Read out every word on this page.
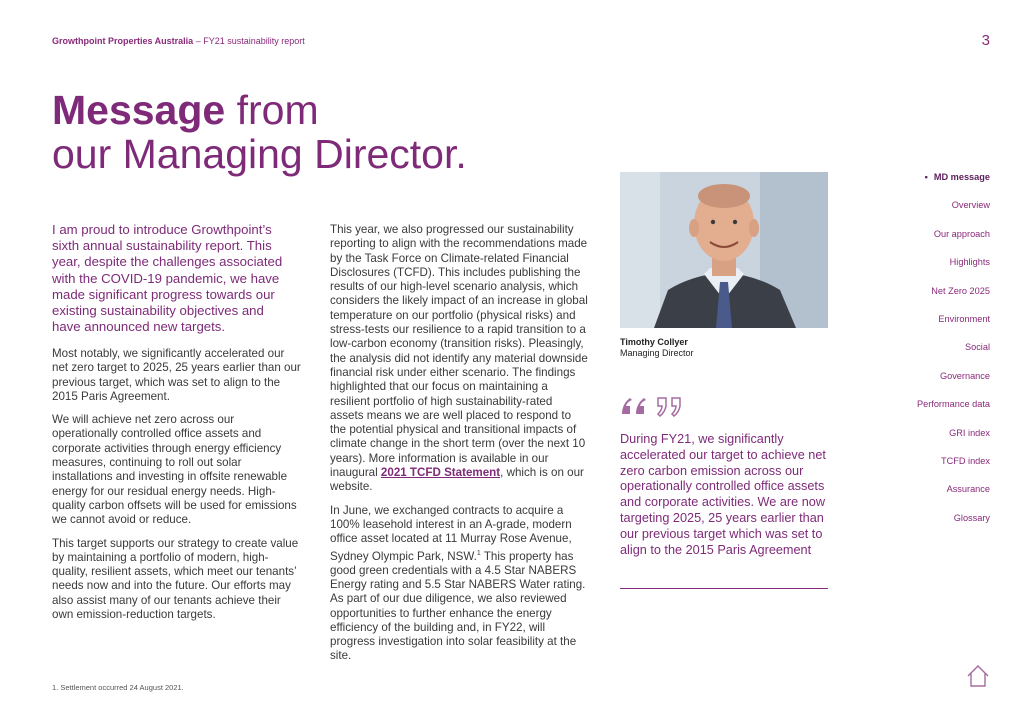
Growthpoint Properties Australia – FY21 sustainability report	3
Message from
our Managing Director.

I am proud to introduce Growthpoint’s sixth annual sustainability report. This year, despite the challenges associated with the COVID-19 pandemic, we have made significant progress towards our existing sustainability objectives and have announced new targets.

Most notably, we significantly accelerated our net zero target to 2025, 25 years earlier than our previous target, which was set to align to the 2015 Paris Agreement.

We will achieve net zero across our operationally controlled office assets and corporate activities through energy efficiency measures, continuing to roll out solar installations and investing in offsite renewable energy for our residual energy needs. High-quality carbon offsets will be used for emissions we cannot avoid or reduce.

This target supports our strategy to create value by maintaining a portfolio of modern, high-quality, resilient assets, which meet our tenants’ needs now and into the future. Our efforts may also assist many of our tenants achieve their own emission-reduction targets.

This year, we also progressed our sustainability reporting to align with the recommendations made by the Task Force on Climate-related Financial Disclosures (TCFD). This includes publishing the results of our high-level scenario analysis, which considers the likely impact of an increase in global temperature on our portfolio (physical risks) and stress-tests our resilience to a rapid transition to a low-carbon economy (transition risks). Pleasingly, the analysis did not identify any material downside financial risk under either scenario. The findings highlighted that our focus on maintaining a resilient portfolio of high sustainability-rated assets means we are well placed to respond to the potential physical and transitional impacts of climate change in the short term (over the next 10 years). More information is available in our inaugural 2021 TCFD Statement, which is on our website.

In June, we exchanged contracts to acquire a 100% leasehold interest in an A-grade, modern office asset located at 11 Murray Rose Avenue, Sydney Olympic Park, NSW.$^1$ This property has good green credentials with a 4.5 Star NABERS Energy rating and 5.5 Star NABERS Water rating. As part of our due diligence, we also reviewed opportunities to further enhance the energy efficiency of the building and, in FY22, will progress investigation into solar feasibility at the site.

Timothy Collyer
Managing Director

During FY21, we significantly accelerated our target to achieve net zero carbon emission across our operationally controlled office assets and corporate activities. We are now targeting 2025, 25 years earlier than our previous target which was set to align to the 2015 Paris Agreement

• MD message
Overview
Our approach
Highlights
Net Zero 2025
Environment
Social
Governance
Performance data
GRI index
TCFD index
Assurance
Glossary
1. Settlement occurred 24 August 2021.
